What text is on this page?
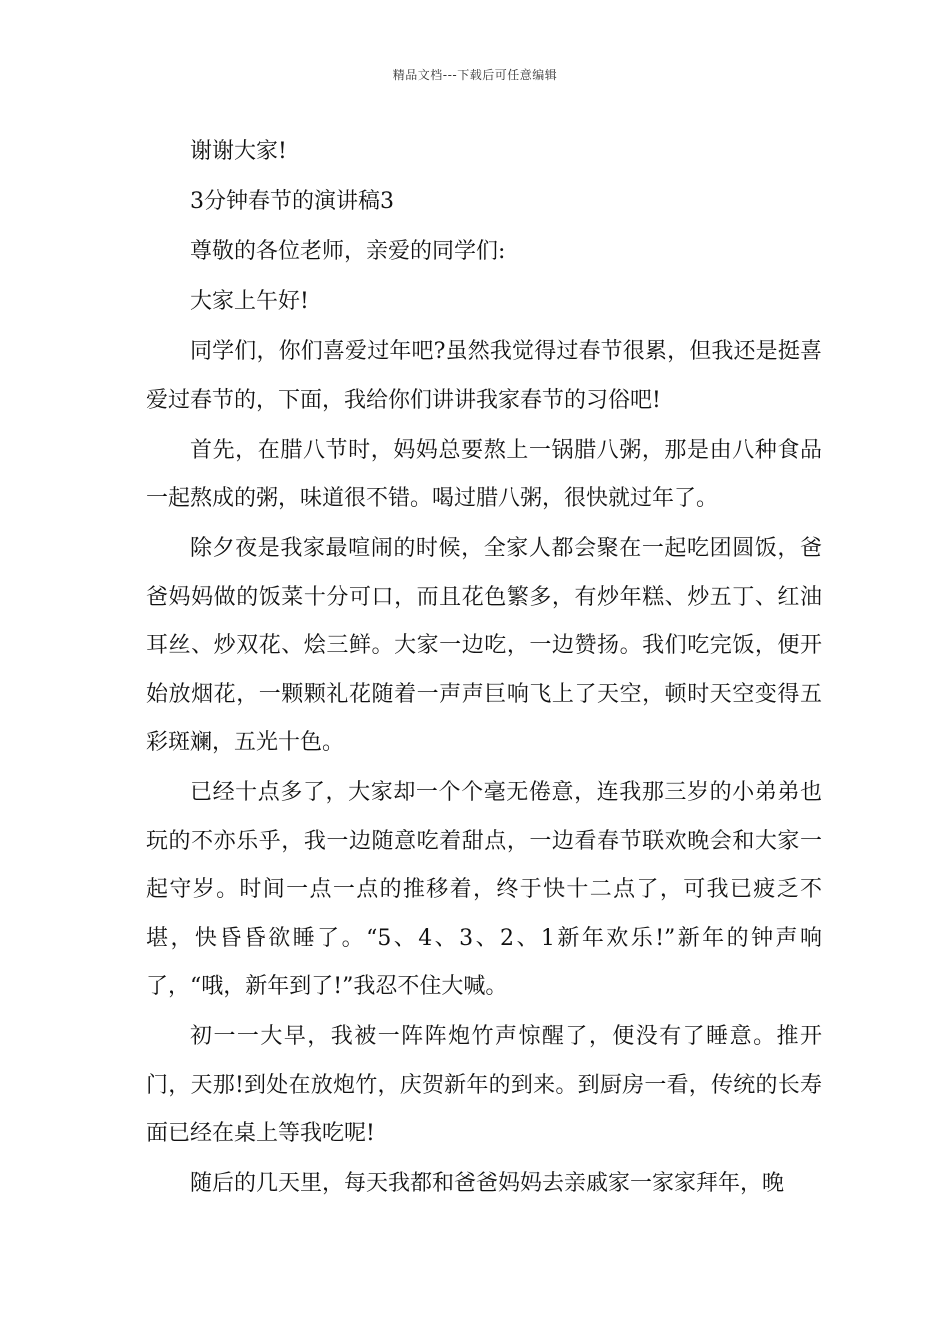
精品文档---下载后可任意编辑

谢谢大家!

3分钟春节的演讲稿3

尊敬的各位老师，亲爱的同学们:

大家上午好!

同学们，你们喜爱过年吧?虽然我觉得过春节很累，但我还是挺喜爱过春节的，下面，我给你们讲讲我家春节的习俗吧!

首先，在腊八节时，妈妈总要熬上一锅腊八粥，那是由八种食品一起熬成的粥，味道很不错。喝过腊八粥，很快就过年了。

除夕夜是我家最喧闹的时候，全家人都会聚在一起吃团圆饭，爸爸妈妈做的饭菜十分可口，而且花色繁多，有炒年糕、炒五丁、红油耳丝、炒双花、烩三鲜。大家一边吃，一边赞扬。我们吃完饭，便开始放烟花，一颗颗礼花随着一声声巨响飞上了天空，顿时天空变得五彩斑斓，五光十色。

已经十点多了，大家却一个个毫无倦意，连我那三岁的小弟弟也玩的不亦乐乎，我一边随意吃着甜点，一边看春节联欢晚会和大家一起守岁。时间一点一点的推移着，终于快十二点了，可我已疲乏不堪，快昏昏欲睡了。“5、4、3、2、1新年欢乐!”新年的钟声响了，“哦，新年到了!”我忍不住大喊。

初一一大早，我被一阵阵炮竹声惊醒了，便没有了睡意。推开门，天那!到处在放炮竹，庆贺新年的到来。到厨房一看，传统的长寿面已经在桌上等我吃呢!

随后的几天里，每天我都和爸爸妈妈去亲戚家一家家拜年，晚
